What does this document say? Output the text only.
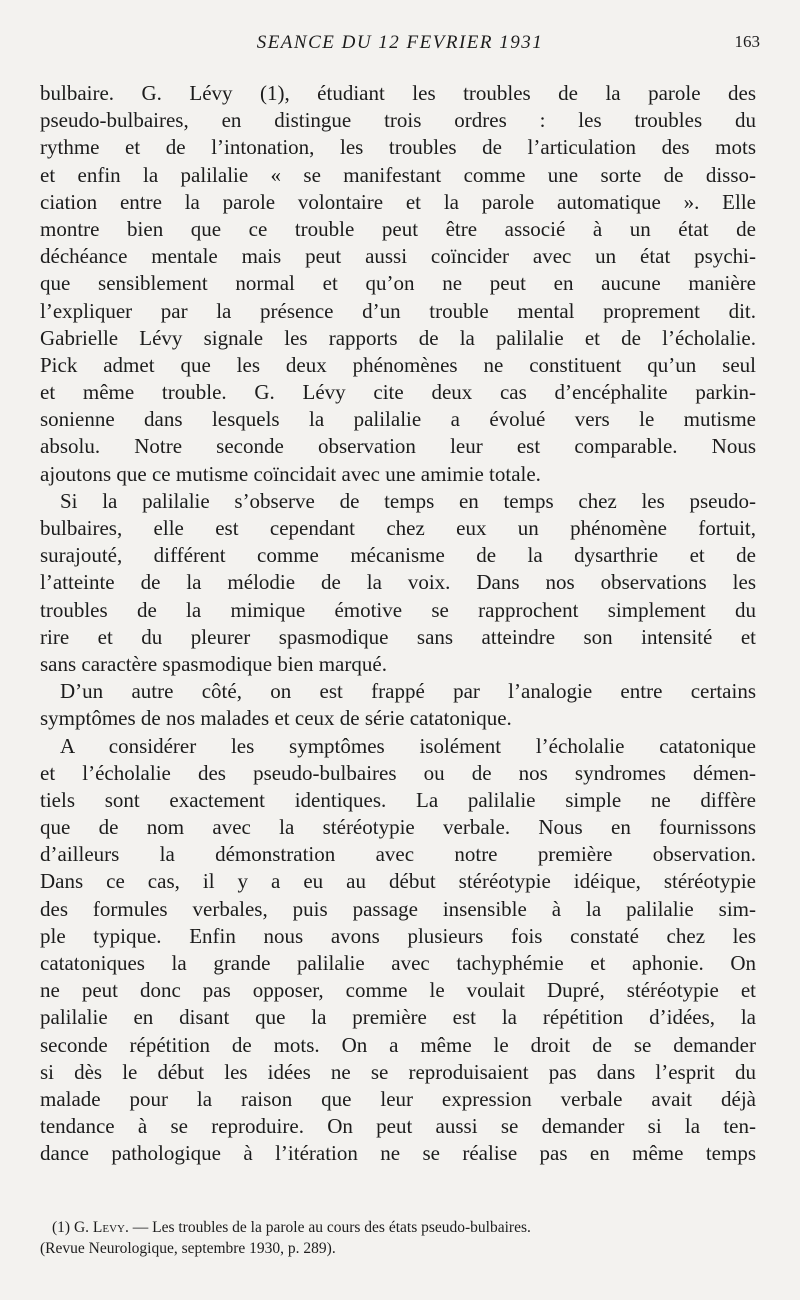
SEANCE DU 12 FEVRIER 1931	163
bulbaire. G. Lévy (1), étudiant les troubles de la parole des
pseudo-bulbaires, en distingue trois ordres : les troubles du
rythme et de l’intonation, les troubles de l’articulation des mots
et enfin la palilalie « se manifestant comme une sorte de disso-
ciation entre la parole volontaire et la parole automatique ». Elle
montre bien que ce trouble peut être associé à un état de
déchéance mentale mais peut aussi coïncider avec un état psychi-
que sensiblement normal et qu’on ne peut en aucune manière
l’expliquer par la présence d’un trouble mental proprement dit.
Gabrielle Lévy signale les rapports de la palilalie et de l’écholalie.
Pick admet que les deux phénomènes ne constituent qu’un seul
et même trouble. G. Lévy cite deux cas d’encéphalite parkin-
sonienne dans lesquels la palilalie a évolué vers le mutisme
absolu. Notre seconde observation leur est comparable. Nous
ajoutons que ce mutisme coïncidait avec une amimie totale.
Si la palilalie s’observe de temps en temps chez les pseudo-
bulbaires, elle est cependant chez eux un phénomène fortuit,
surajouté, différent comme mécanisme de la dysarthrie et de
l’atteinte de la mélodie de la voix. Dans nos observations les
troubles de la mimique émotive se rapprochent simplement du
rire et du pleurer spasmodique sans atteindre son intensité et
sans caractère spasmodique bien marqué.
D’un autre côté, on est frappé par l’analogie entre certains
symptômes de nos malades et ceux de série catatonique.
A considérer les symptômes isolément l’écholalie catatonique
et l’écholalie des pseudo-bulbaires ou de nos syndromes démen-
tiels sont exactement identiques. La palilalie simple ne diffère
que de nom avec la stéréotypie verbale. Nous en fournissons
d’ailleurs la démonstration avec notre première observation.
Dans ce cas, il y a eu au début stéréotypie idéique, stéréotypie
des formules verbales, puis passage insensible à la palilalie sim-
ple typique. Enfin nous avons plusieurs fois constaté chez les
catatoniques la grande palilalie avec tachyphémie et aphonie. On
ne peut donc pas opposer, comme le voulait Dupré, stéréotypie et
palilalie en disant que la première est la répétition d’idées, la
seconde répétition de mots. On a même le droit de se demander
si dès le début les idées ne se reproduisaient pas dans l’esprit du
malade pour la raison que leur expression verbale avait déjà
tendance à se reproduire. On peut aussi se demander si la ten-
dance pathologique à l’itération ne se réalise pas en même temps
(1) G. Levy. — Les troubles de la parole au cours des états pseudo-bulbaires.
(Revue Neurologique, septembre 1930, p. 289).
